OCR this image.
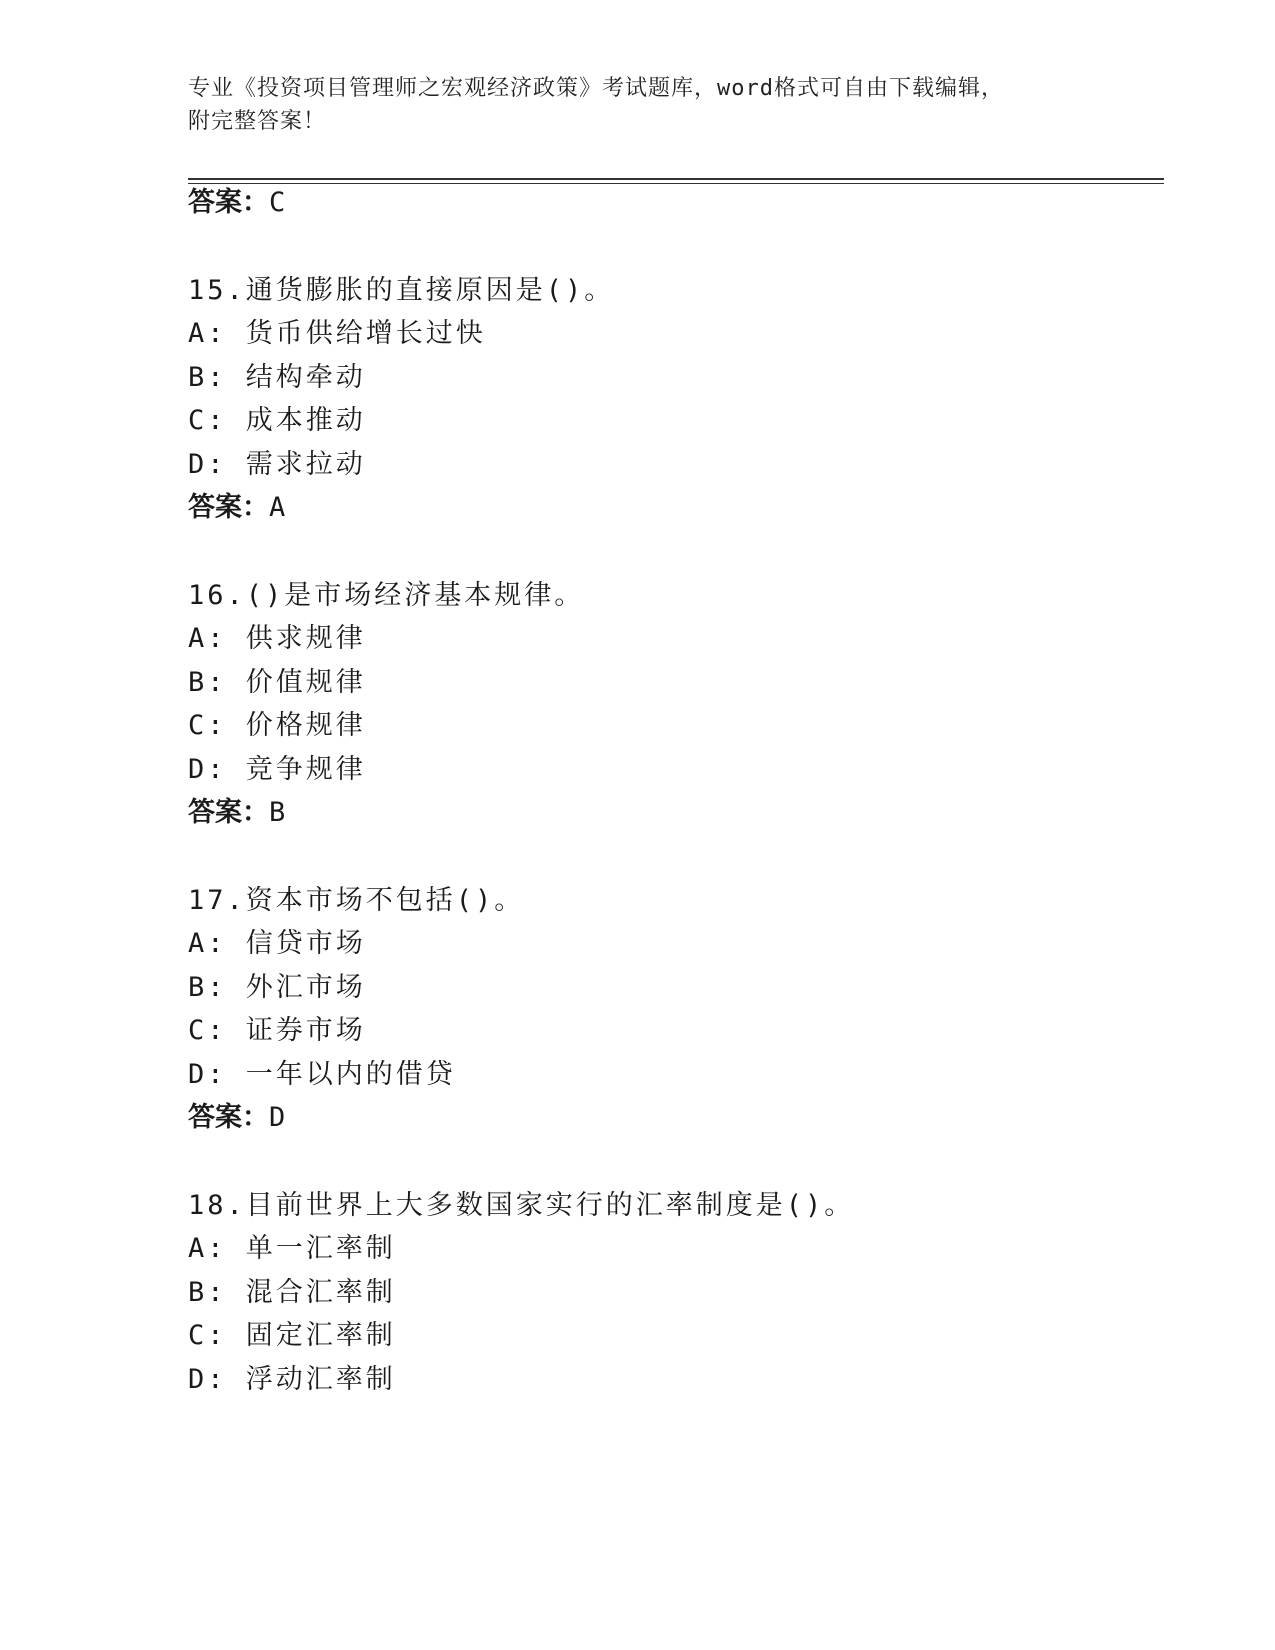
专业《投资项目管理师之宏观经济政策》考试题库，word格式可自由下载编辑，
附完整答案！
答案：C
15.通货膨胀的直接原因是()。
A: 货币供给增长过快
B: 结构牵动
C: 成本推动
D: 需求拉动
答案：A
16.()是市场经济基本规律。
A: 供求规律
B: 价值规律
C: 价格规律
D: 竞争规律
答案：B
17.资本市场不包括()。
A: 信贷市场
B: 外汇市场
C: 证券市场
D: 一年以内的借贷
答案：D
18.目前世界上大多数国家实行的汇率制度是()。
A: 单一汇率制
B: 混合汇率制
C: 固定汇率制
D: 浮动汇率制
